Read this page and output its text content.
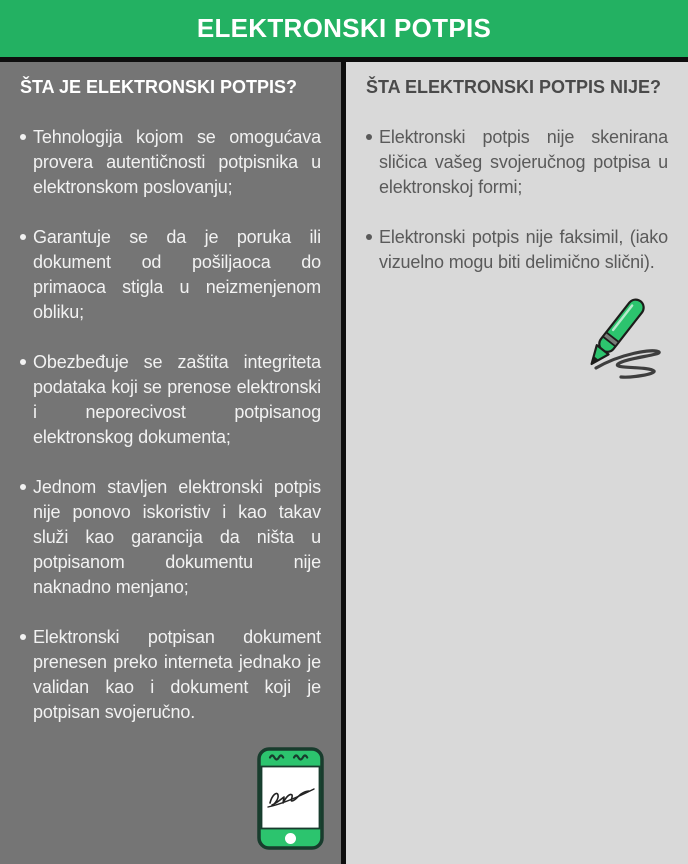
ELEKTRONSKI POTPIS
ŠTA JE ELEKTRONSKI POTPIS?
Tehnologija kojom se omogućava provera autentičnosti potpisnika u elektronskom poslovanju;
Garantuje se da je poruka ili dokument od pošiljaoca do primaoca stigla u neizmenjenom obliku;
Obezbeđuje se zaštita integriteta podataka koji se prenose elektronski i neporecivost potpisanog elektronskog dokumenta;
Jednom stavljen elektronski potpis nije ponovo iskoristiv i kao takav služi kao garancija da ništa u potpisanom dokumentu nije naknadno menjano;
Elektronski potpisan dokument prenesen preko interneta jednako je validan kao i dokument koji je potpisan svojeručno.
ŠTA ELEKTRONSKI POTPIS NIJE?
Elektronski potpis nije skenirana sličica vašeg svojeručnog potpisa u elektronskoj formi;
Elektronski potpis nije faksimil, (iako vizuelno mogu biti delimično slični).
